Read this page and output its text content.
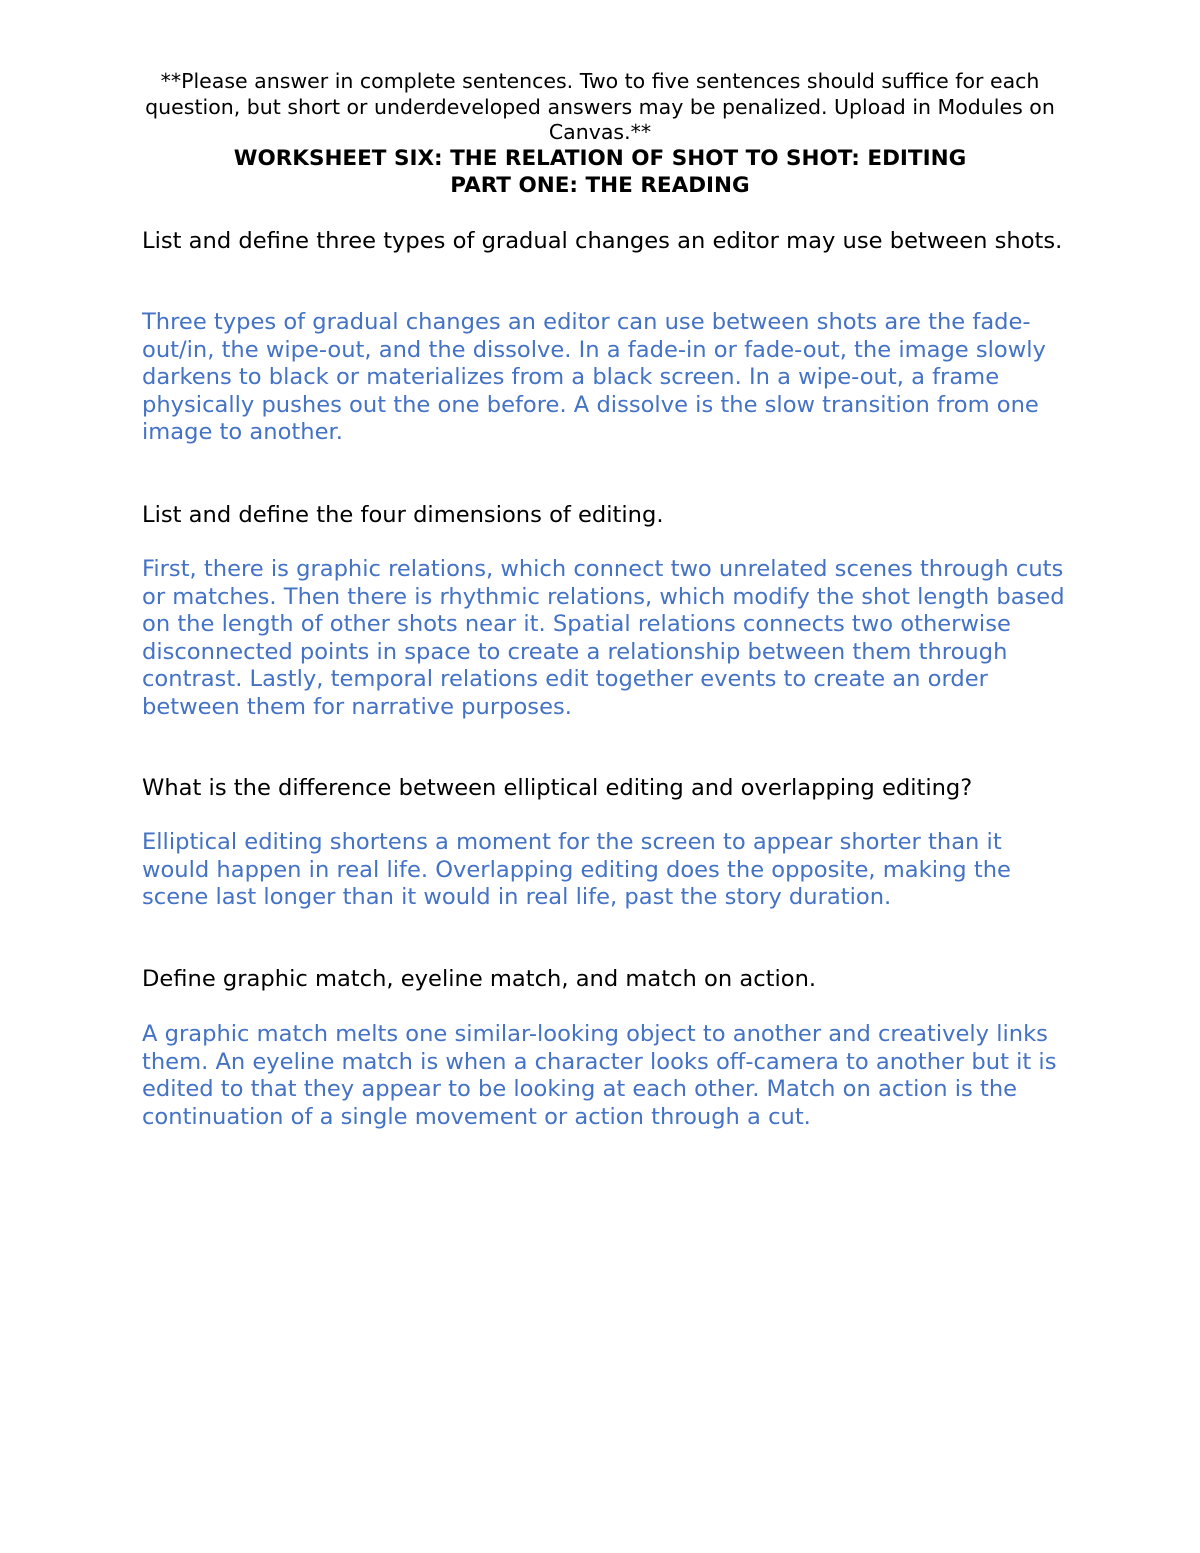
**Please answer in complete sentences. Two to five sentences should suffice for each question, but short or underdeveloped answers may be penalized. Upload in Modules on Canvas.**
WORKSHEET SIX: THE RELATION OF SHOT TO SHOT: EDITING
PART ONE: THE READING

List and define three types of gradual changes an editor may use between shots.

Three types of gradual changes an editor can use between shots are the fade-out/in, the wipe-out, and the dissolve. In a fade-in or fade-out, the image slowly darkens to black or materializes from a black screen. In a wipe-out, a frame physically pushes out the one before. A dissolve is the slow transition from one image to another.

List and define the four dimensions of editing.

First, there is graphic relations, which connect two unrelated scenes through cuts or matches. Then there is rhythmic relations, which modify the shot length based on the length of other shots near it. Spatial relations connects two otherwise disconnected points in space to create a relationship between them through contrast. Lastly, temporal relations edit together events to create an order between them for narrative purposes.

What is the difference between elliptical editing and overlapping editing?

Elliptical editing shortens a moment for the screen to appear shorter than it would happen in real life. Overlapping editing does the opposite, making the scene last longer than it would in real life, past the story duration.

Define graphic match, eyeline match, and match on action.

A graphic match melts one similar-looking object to another and creatively links them. An eyeline match is when a character looks off-camera to another but it is edited to that they appear to be looking at each other. Match on action is the continuation of a single movement or action through a cut.
